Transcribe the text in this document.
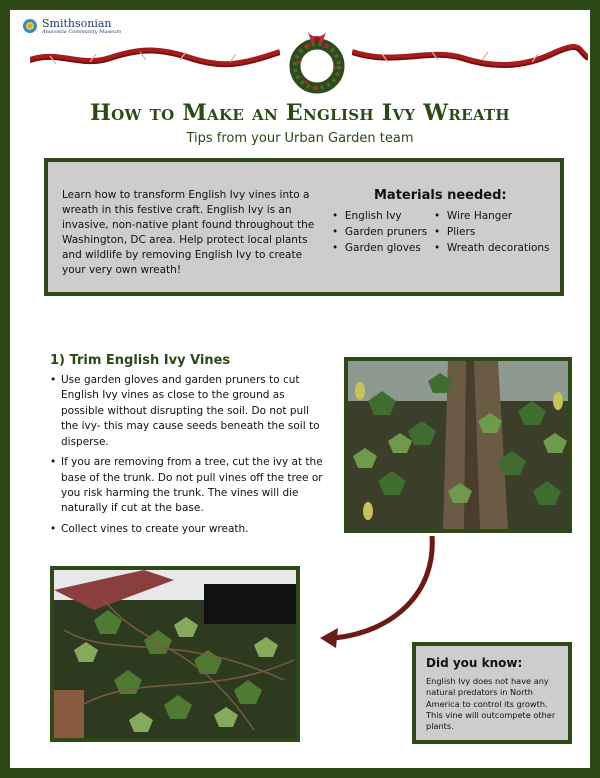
Smithsonian
Anacostia Community Museum
How to Make an English Ivy Wreath
Tips from your Urban Garden team
Learn how to transform English Ivy vines into a wreath in this festive craft. English Ivy is an invasive, non-native plant found throughout the Washington, DC area. Help protect local plants and wildlife by removing English Ivy to create your very own wreath!
Materials needed:
•  English Ivy	•  Wire Hanger
•  Garden pruners	•  Pliers
•  Garden gloves	•  Wreath decorations
1) Trim English Ivy Vines
• Use garden gloves and garden pruners to cut English Ivy vines as close to the ground as possible without disrupting the soil. Do not pull the ivy- this may cause seeds beneath the soil to disperse.
• If you are removing from a tree, cut the ivy at the base of the trunk. Do not pull vines off the tree or you risk harming the trunk. The vines will die naturally if cut at the base.
• Collect vines to create your wreath.
Did you know:
English Ivy does not have any natural predators in North America to control its growth. This vine will outcompete other plants.
